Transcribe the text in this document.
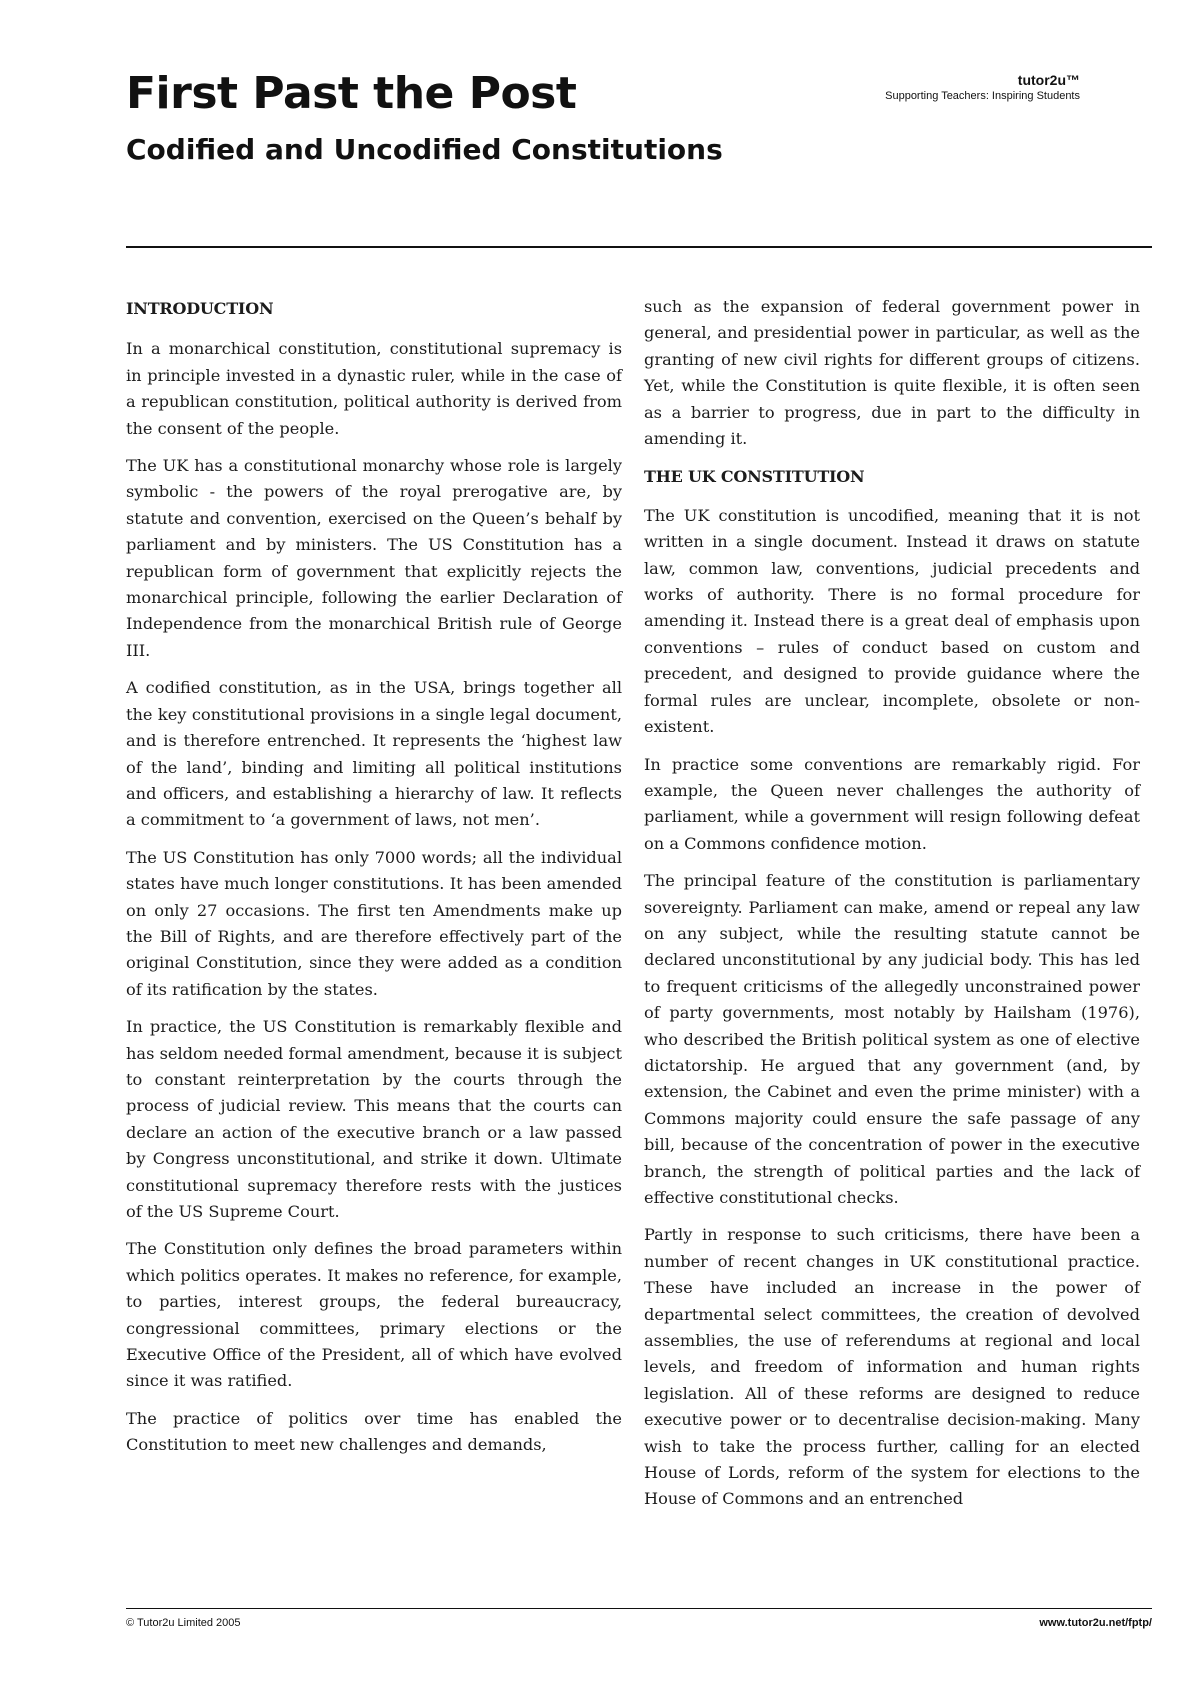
First Past the Post
Codified and Uncodified Constitutions
tutor2u™
Supporting Teachers: Inspiring Students
INTRODUCTION

In a monarchical constitution, constitutional supremacy is in principle invested in a dynastic ruler, while in the case of a republican constitution, political authority is derived from the consent of the people.

The UK has a constitutional monarchy whose role is largely symbolic - the powers of the royal prerogative are, by statute and convention, exercised on the Queen’s behalf by parliament and by ministers. The US Constitution has a republican form of government that explicitly rejects the monarchical principle, following the earlier Declaration of Independence from the monarchical British rule of George III.

A codified constitution, as in the USA, brings together all the key constitutional provisions in a single legal document, and is therefore entrenched. It represents the ‘highest law of the land’, binding and limiting all political institutions and officers, and establishing a hierarchy of law. It reflects a commitment to ‘a government of laws, not men’.

The US Constitution has only 7000 words; all the individual states have much longer constitutions. It has been amended on only 27 occasions. The first ten Amendments make up the Bill of Rights, and are therefore effectively part of the original Constitution, since they were added as a condition of its ratification by the states.

In practice, the US Constitution is remarkably flexible and has seldom needed formal amendment, because it is subject to constant reinterpretation by the courts through the process of judicial review. This means that the courts can declare an action of the executive branch or a law passed by Congress unconstitutional, and strike it down. Ultimate constitutional supremacy therefore rests with the justices of the US Supreme Court.

The Constitution only defines the broad parameters within which politics operates. It makes no reference, for example, to parties, interest groups, the federal bureaucracy, congressional committees, primary elections or the Executive Office of the President, all of which have evolved since it was ratified.

The practice of politics over time has enabled the Constitution to meet new challenges and demands,

such as the expansion of federal government power in general, and presidential power in particular, as well as the granting of new civil rights for different groups of citizens. Yet, while the Constitution is quite flexible, it is often seen as a barrier to progress, due in part to the difficulty in amending it.

THE UK CONSTITUTION

The UK constitution is uncodified, meaning that it is not written in a single document. Instead it draws on statute law, common law, conventions, judicial precedents and works of authority. There is no formal procedure for amending it. Instead there is a great deal of emphasis upon conventions – rules of conduct based on custom and precedent, and designed to provide guidance where the formal rules are unclear, incomplete, obsolete or non-existent.

In practice some conventions are remarkably rigid. For example, the Queen never challenges the authority of parliament, while a government will resign following defeat on a Commons confidence motion.

The principal feature of the constitution is parliamentary sovereignty. Parliament can make, amend or repeal any law on any subject, while the resulting statute cannot be declared unconstitutional by any judicial body. This has led to frequent criticisms of the allegedly unconstrained power of party governments, most notably by Hailsham (1976), who described the British political system as one of elective dictatorship. He argued that any government (and, by extension, the Cabinet and even the prime minister) with a Commons majority could ensure the safe passage of any bill, because of the concentration of power in the executive branch, the strength of political parties and the lack of effective constitutional checks.

Partly in response to such criticisms, there have been a number of recent changes in UK constitutional practice. These have included an increase in the power of departmental select committees, the creation of devolved assemblies, the use of referendums at regional and local levels, and freedom of information and human rights legislation. All of these reforms are designed to reduce executive power or to decentralise decision-making. Many wish to take the process further, calling for an elected House of Lords, reform of the system for elections to the House of Commons and an entrenched

© Tutor2u Limited 2005	www.tutor2u.net/fptp/
